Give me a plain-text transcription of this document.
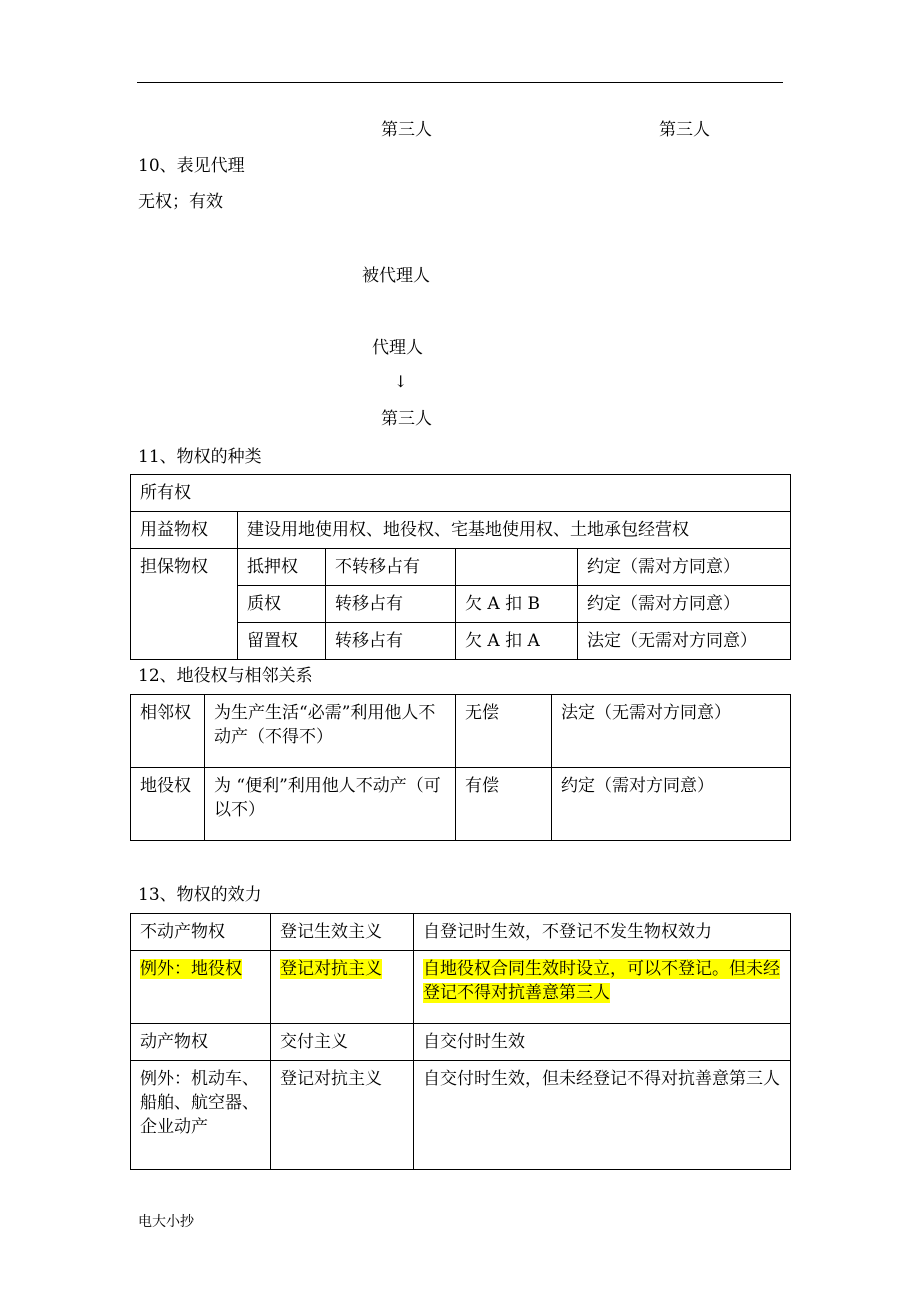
第三人	第三人
10、表见代理
无权；有效
被代理人
代理人
↓
第三人
11、物权的种类
所有权				
用益物权	建设用地使用权、地役权、宅基地使用权、土地承包经营权			
担保物权	抵押权	不转移占有		约定（需对方同意）
	质权	转移占有	欠 A 扣 B	约定（需对方同意）
	留置权	转移占有	欠 A 扣 A	法定（无需对方同意）
12、地役权与相邻关系
相邻权	为生产生活“必需”利用他人不动产（不得不）	无偿	法定（无需对方同意）
地役权	为 “便利”利用他人不动产（可以不）	有偿	约定（需对方同意）
13、物权的效力
不动产物权	登记生效主义	自登记时生效，不登记不发生物权效力
例外：地役权	登记对抗主义	自地役权合同生效时设立，可以不登记。但未经登记不得对抗善意第三人
动产物权	交付主义	自交付时生效
例外：机动车、船舶、航空器、企业动产	登记对抗主义	自交付时生效，但未经登记不得对抗善意第三人
电大小抄
